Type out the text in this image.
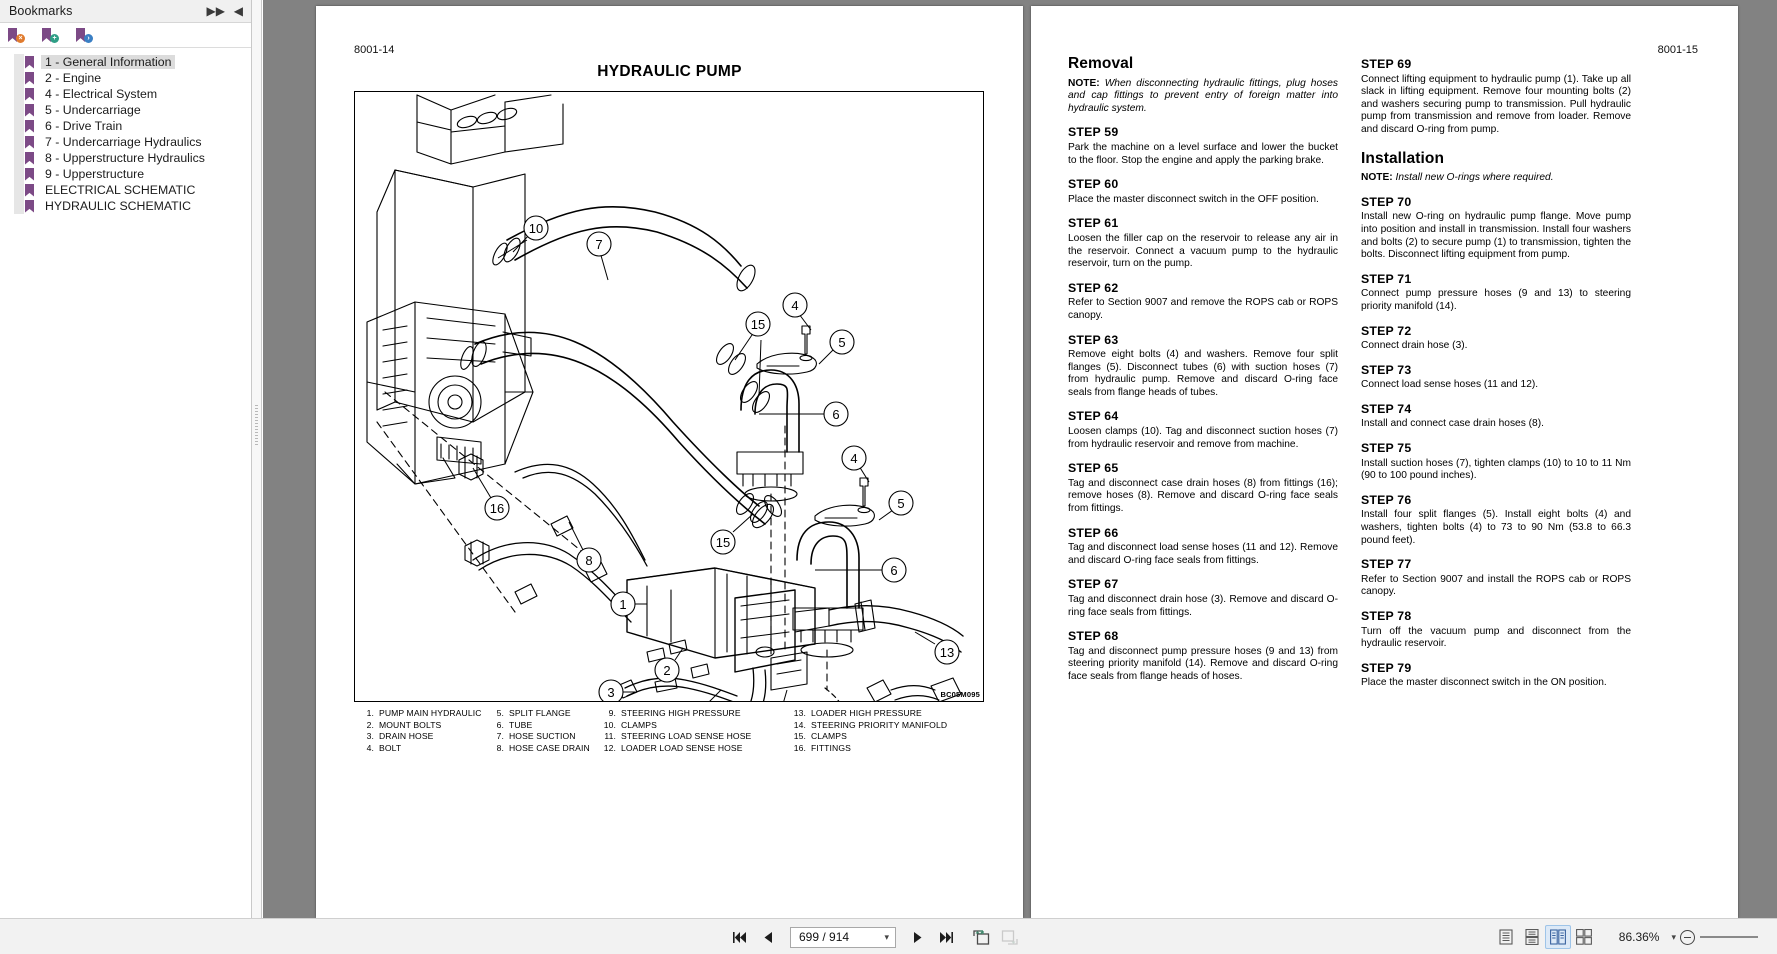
Bookmarks	▶▶ ◀
×	+	›
1 - General Information
2 - Engine
4 - Electrical System
5 - Undercarriage
6 - Drive Train
7 - Undercarriage Hydraulics
8 - Upperstructure Hydraulics
9 - Upperstructure
ELECTRICAL SCHEMATIC
HYDRAULIC SCHEMATIC
8001-14
HYDRAULIC PUMP
10
7
15
4
5
6
4
5
6
16
8
15
1
2
13
3	BC05M095
1. PUMP MAIN HYDRAULIC	5. SPLIT FLANGE	9. STEERING HIGH PRESSURE	13. LOADER HIGH PRESSURE
2. MOUNT BOLTS	6. TUBE	10. CLAMPS	14. STEERING PRIORITY MANIFOLD
3. DRAIN HOSE	7. HOSE SUCTION	11. STEERING LOAD SENSE HOSE	15. CLAMPS
4. BOLT	8. HOSE CASE DRAIN	12. LOADER LOAD SENSE HOSE	16. FITTINGS
8001-15
Removal
NOTE: When disconnecting hydraulic fittings, plug hoses and cap fittings to prevent entry of foreign matter into hydraulic system.
STEP 59
Park the machine on a level surface and lower the bucket to the floor. Stop the engine and apply the parking brake.
STEP 60
Place the master disconnect switch in the OFF position.
STEP 61
Loosen the filler cap on the reservoir to release any air in the reservoir. Connect a vacuum pump to the hydraulic reservoir, turn on the pump.
STEP 62
Refer to Section 9007 and remove the ROPS cab or ROPS canopy.
STEP 63
Remove eight bolts (4) and washers. Remove four split flanges (5). Disconnect tubes (6) with suction hoses (7) from hydraulic pump. Remove and discard O-ring face seals from flange heads of tubes.
STEP 64
Loosen clamps (10). Tag and disconnect suction hoses (7) from hydraulic reservoir and remove from machine.
STEP 65
Tag and disconnect case drain hoses (8) from fittings (16); remove hoses (8). Remove and discard O-ring face seals from fittings.
STEP 66
Tag and disconnect load sense hoses (11 and 12). Remove and discard O-ring face seals from fittings.
STEP 67
Tag and disconnect drain hose (3). Remove and discard O-ring face seals from fittings.
STEP 68
Tag and disconnect pump pressure hoses (9 and 13) from steering priority manifold (14). Remove and discard O-ring face seals from flange heads of hoses.
STEP 69
Connect lifting equipment to hydraulic pump (1). Take up all slack in lifting equipment. Remove four mounting bolts (2) and washers securing pump to transmission. Pull hydraulic pump from transmission and remove from loader. Remove and discard O-ring from pump.
Installation
NOTE: Install new O-rings where required.
STEP 70
Install new O-ring on hydraulic pump flange. Move pump into position and install in transmission. Install four washers and bolts (2) to secure pump (1) to transmission, tighten the bolts. Disconnect lifting equipment from pump.
STEP 71
Connect pump pressure hoses (9 and 13) to steering priority manifold (14).
STEP 72
Connect drain hose (3).
STEP 73
Connect load sense hoses (11 and 12).
STEP 74
Install and connect case drain hoses (8).
STEP 75
Install suction hoses (7), tighten clamps (10) to 10 to 11 Nm (90 to 100 pound inches).
STEP 76
Install four split flanges (5). Install eight bolts (4) and washers, tighten bolts (4) to 73 to 90 Nm (53.8 to 66.3 pound feet).
STEP 77
Refer to Section 9007 and install the ROPS cab or ROPS canopy.
STEP 78
Turn off the vacuum pump and disconnect from the hydraulic reservoir.
STEP 79
Place the master disconnect switch in the ON position.
699 / 914	▾	86.36% ▾
